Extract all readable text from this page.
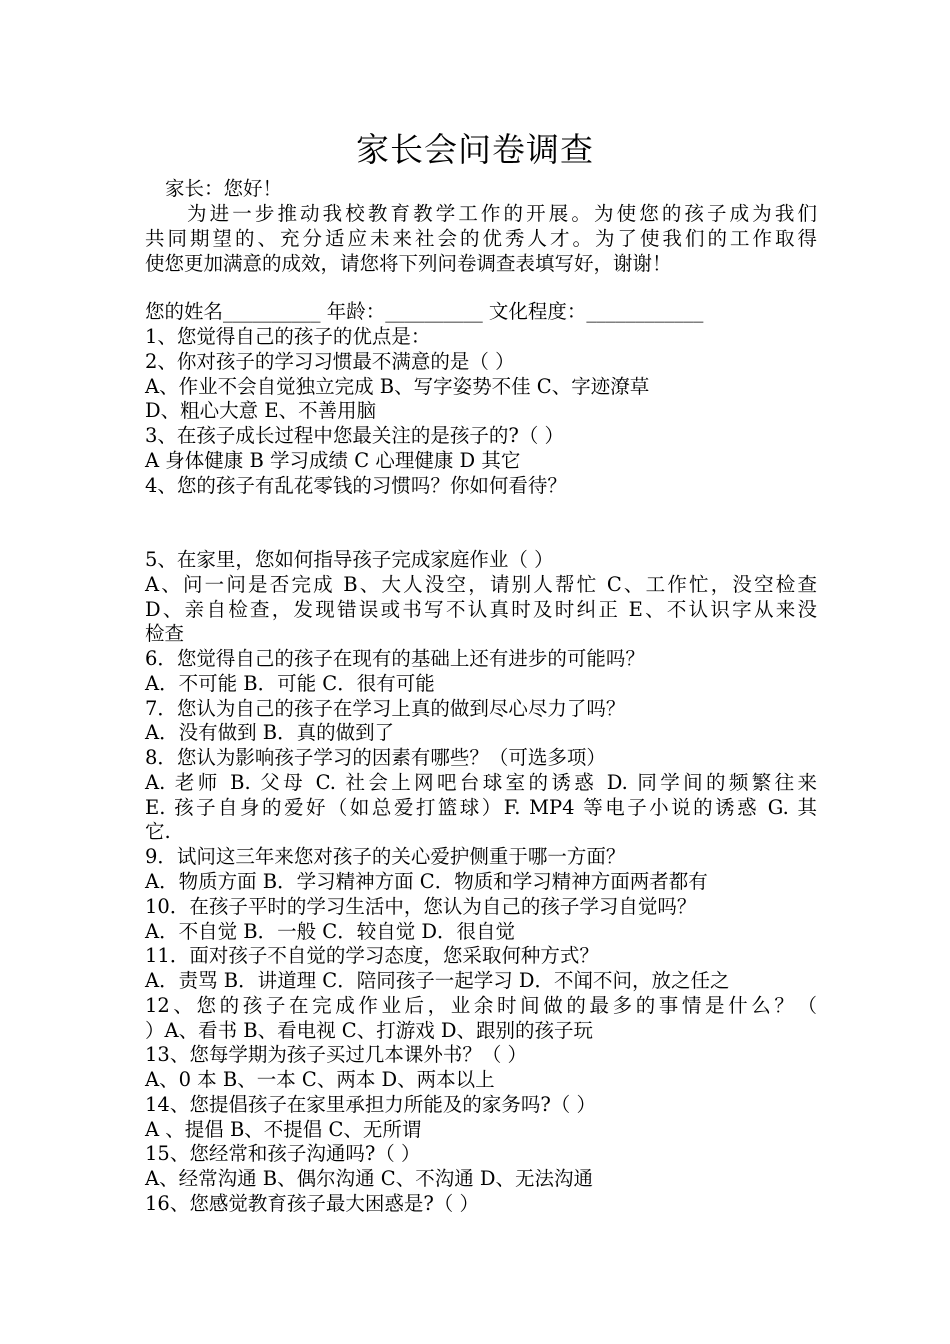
家长会问卷调查
家长：您好！
为进一步推动我校教育教学工作的开展。为使您的孩子成为我们
共同期望的、充分适应未来社会的优秀人才。为了使我们的工作取得
使您更加满意的成效，请您将下列问卷调查表填写好，谢谢！
您的姓名__________ 年龄：__________ 文化程度：____________
1、您觉得自己的孩子的优点是：
2、你对孩子的学习习惯最不满意的是（ ）
A、作业不会自觉独立完成 B、写字姿势不佳 C、字迹潦草
D、粗心大意 E、不善用脑
3、在孩子成长过程中您最关注的是孩子的?（ ）
A 身体健康 B 学习成绩 C 心理健康 D 其它
4、您的孩子有乱花零钱的习惯吗？你如何看待？
5、在家里，您如何指导孩子完成家庭作业（ ）
A、问一问是否完成 B、大人没空，请别人帮忙 C、工作忙，没空检查
D、亲自检查，发现错误或书写不认真时及时纠正 E、不认识字从来没
检查
6．您觉得自己的孩子在现有的基础上还有进步的可能吗？
A．不可能 B．可能 C．很有可能
7．您认为自己的孩子在学习上真的做到尽心尽力了吗？
A．没有做到 B．真的做到了
8．您认为影响孩子学习的因素有哪些？（可选多项）
A. 老师 B. 父母 C. 社会上网吧台球室的诱惑 D. 同学间的频繁往来
E. 孩子自身的爱好（如总爱打篮球）F. MP4 等电子小说的诱惑 G. 其
它.
9．试问这三年来您对孩子的关心爱护侧重于哪一方面？
A．物质方面 B．学习精神方面 C．物质和学习精神方面两者都有
10．在孩子平时的学习生活中，您认为自己的孩子学习自觉吗？
A．不自觉 B．一般 C．较自觉 D．很自觉
11．面对孩子不自觉的学习态度，您采取何种方式？
A．责骂 B．讲道理 C．陪同孩子一起学习 D．不闻不问，放之任之
12、您的孩子在完成作业后，业余时间做的最多的事情是什么？（
）A、看书 B、看电视 C、打游戏 D、跟别的孩子玩
13、您每学期为孩子买过几本课外书？（ ）
A、0 本 B、一本 C、两本 D、两本以上
14、您提倡孩子在家里承担力所能及的家务吗?（ ）
A 、提倡 B、不提倡 C、无所谓
15、您经常和孩子沟通吗?（ ）
A、经常沟通 B、偶尔沟通 C、不沟通 D、无法沟通
16、您感觉教育孩子最大困惑是?（ ）
